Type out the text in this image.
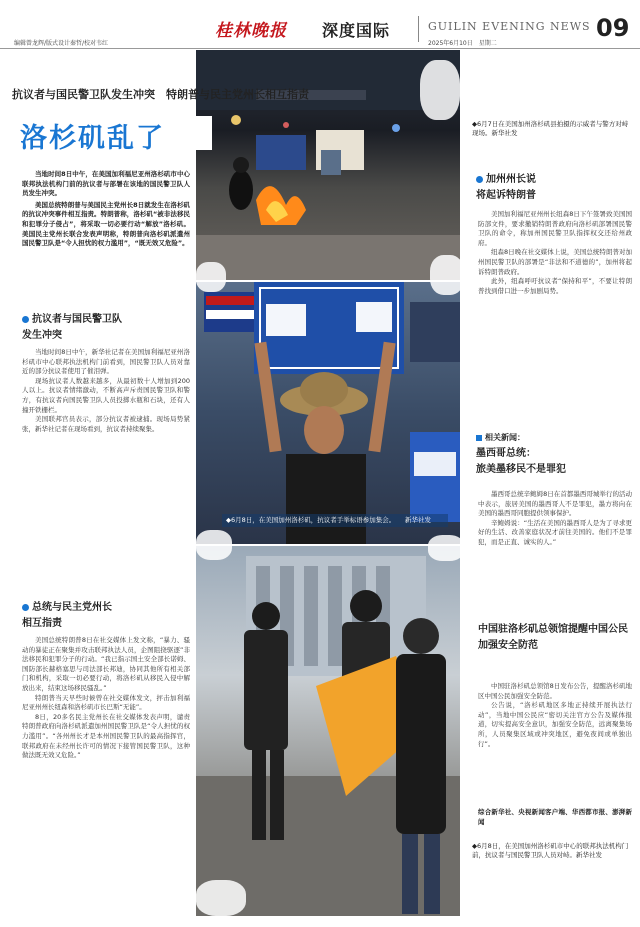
编辑曾龙辉/版式设计秦哲/校对韦红
桂林晚报 深度国际	GUILIN EVENING NEWS
2025年6月10日　星期二
09
抗议者与国民警卫队发生冲突　特朗普与民主党州长相互指责
洛杉矶乱了

当地时间8日中午，在美国加利福尼亚州洛杉矶市中心联邦执法机构门前的抗议者与部署在该地的国民警卫队人员发生冲突。

美国总统特朗普与美国民主党州长8日就发生在洛杉矶的抗议冲突事件相互指责。特朗普称，洛杉矶“被非法移民和犯罪分子侵占”，将采取一切必要行动“解放”洛杉矶。美国民主党州长联合发表声明称，特朗普向洛杉矶派遣州国民警卫队是“令人担忧的权力滥用”，“既无效又危险”。

抗议者与国民警卫队
发生冲突

当地时间8日中午，新华社记者在美国加利福尼亚州洛杉矶市中心联邦执法机构门前看到，国民警卫队人员对靠近的部分抗议者使用了催泪弹。

现场抗议者人数越来越多，从最初数十人增加到200人以上。抗议者情绪激动，不断高声斥责国民警卫队和警方，有抗议者向国民警卫队人员投掷水瓶和石块，还有人撞开铁栅栏。

美国联邦官员表示，部分抗议者被逮捕。现场局势紧张，新华社记者在现场看到，抗议者持续聚集。

总统与民主党州长
相互指责

美国总统特朗普8日在社交媒体上发文称，“暴力、骚动的暴徒正在聚集并攻击联邦执法人员，企图阻挠驱逐”非法移民和犯罪分子的行动。“我已指示国土安全部长诺姆、国防部长赫格塞思与司法部长邦迪，协同其他所有相关部门和机构，采取一切必要行动，将洛杉矶从移民入侵中解放出来，结束这场移民骚乱。”

特朗普当天早些时候曾在社交媒体发文，抨击加利福尼亚州州长纽森和洛杉矶市长巴斯“无能”。

8日，20多名民主党州长在社交媒体发表声明，谴责特朗普政府向洛杉矶派遣加州国民警卫队是“令人担忧的权力滥用”。“各州州长才是本州国民警卫队的最高指挥官，联邦政府在未经州长许可的情况下接管国民警卫队，这种做法既无效又危险。”

◆6月7日在美国加州洛杉矶县拍摄的示威者与警方对峙现场。新华社发
◆6月8日，在美国加州洛杉矶，抗议者手举标语参加集会。　　新华社发
◆6月8日，在美国加州洛杉矶市中心的联邦执法机构门前，抗议者与国民警卫队人员对峙。新华社发
加州州长说
将起诉特朗普

美国加利福尼亚州州长纽森8日下午签署致美国国防部文件，要求撤销特朗普政府向洛杉矶部署国民警卫队的命令，称加州国民警卫队指挥权交还给州政府。

纽森8日晚在社交媒体上说，美国总统特朗普对加州国民警卫队的部署是“非法和不道德的”，加州将起诉特朗普政府。

此外，纽森呼吁抗议者“保持和平”，不要让特朗普找到借口进一步加剧局势。

相关新闻：
墨西哥总统：
旅美墨移民不是罪犯

墨西哥总统辛鲍姆8日在首都墨西哥城举行的活动中表示，旅居美国的墨西哥人不是罪犯，墨方将向在美国的墨西哥同胞提供领事保护。

辛鲍姆说：“生活在美国的墨西哥人是为了寻求更好的生活、改善家庭状况才前往美国的。他们不是罪犯，而是正直、诚实的人。”

中国驻洛杉矶总领馆提醒中国公民加强安全防范

中国驻洛杉矶总领馆8日发布公告，提醒洛杉矶地区中国公民加强安全防范。

公告说，“洛杉矶地区多地正持续开展执法行动”，当地中国公民应“密切关注官方公告及媒体报道，切实提高安全意识，加强安全防范，远离聚集场所，人员聚集区域或冲突地区，避免夜间或单独出行”。

综合新华社、央视新闻客户端、华西都市报、澎湃新闻
